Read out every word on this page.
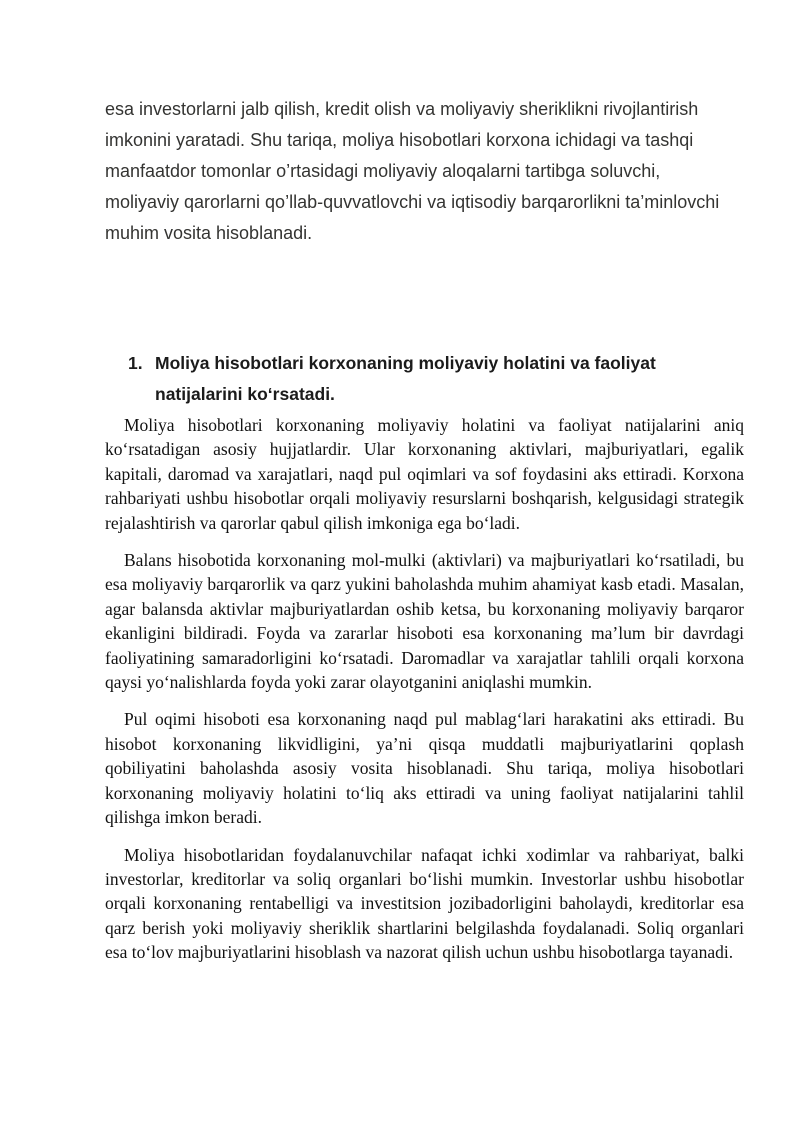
esa investorlarni jalb qilish, kredit olish va moliyaviy sheriklikni rivojlantirish imkonini yaratadi. Shu tariqa, moliya hisobotlari korxona ichidagi va tashqi manfaatdor tomonlar o’rtasidagi moliyaviy aloqalarni tartibga soluvchi, moliyaviy qarorlarni qo’llab-quvvatlovchi va iqtisodiy barqarorlikni ta’minlovchi muhim vosita hisoblanadi.

1. Moliya hisobotlari korxonaning moliyaviy holatini va faoliyat natijalarini koʻrsatadi.

Moliya hisobotlari korxonaning moliyaviy holatini va faoliyat natijalarini aniq koʻrsatadigan asosiy hujjatlardir. Ular korxonaning aktivlari, majburiyatlari, egalik kapitali, daromad va xarajatlari, naqd pul oqimlari va sof foydasini aks ettiradi. Korxona rahbariyati ushbu hisobotlar orqali moliyaviy resurslarni boshqarish, kelgusidagi strategik rejalashtirish va qarorlar qabul qilish imkoniga ega boʻladi.

Balans hisobotida korxonaning mol-mulki (aktivlari) va majburiyatlari koʻrsatiladi, bu esa moliyaviy barqarorlik va qarz yukini baholashda muhim ahamiyat kasb etadi. Masalan, agar balansda aktivlar majburiyatlardan oshib ketsa, bu korxonaning moliyaviy barqaror ekanligini bildiradi. Foyda va zararlar hisoboti esa korxonaning ma’lum bir davrdagi faoliyatining samaradorligini koʻrsatadi. Daromadlar va xarajatlar tahlili orqali korxona qaysi yoʻnalishlarda foyda yoki zarar olayotganini aniqlashi mumkin.

Pul oqimi hisoboti esa korxonaning naqd pul mablagʻlari harakatini aks ettiradi. Bu hisobot korxonaning likvidligini, ya’ni qisqa muddatli majburiyatlarini qoplash qobiliyatini baholashda asosiy vosita hisoblanadi. Shu tariqa, moliya hisobotlari korxonaning moliyaviy holatini toʻliq aks ettiradi va uning faoliyat natijalarini tahlil qilishga imkon beradi.

Moliya hisobotlaridan foydalanuvchilar nafaqat ichki xodimlar va rahbariyat, balki investorlar, kreditorlar va soliq organlari boʻlishi mumkin. Investorlar ushbu hisobotlar orqali korxonaning rentabelligi va investitsion jozibadorligini baholaydi, kreditorlar esa qarz berish yoki moliyaviy sheriklik shartlarini belgilashda foydalanadi. Soliq organlari esa toʻlov majburiyatlarini hisoblash va nazorat qilish uchun ushbu hisobotlarga tayanadi.
